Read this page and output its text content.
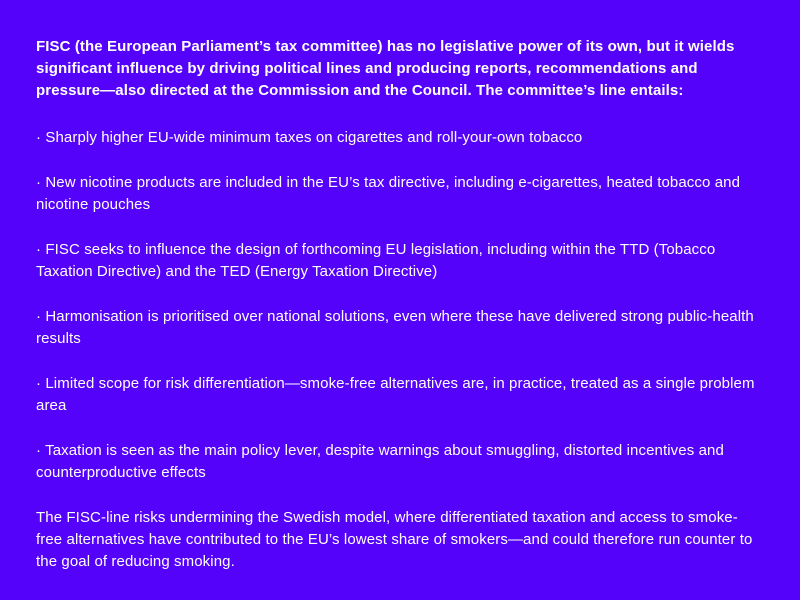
FISC (the European Parliament’s tax committee) has no legislative power of its own, but it wields significant influence by driving political lines and producing reports, recommendations and pressure—also directed at the Commission and the Council. The committee’s line entails:

· Sharply higher EU-wide minimum taxes on cigarettes and roll-your-own tobacco

· New nicotine products are included in the EU’s tax directive, including e-cigarettes, heated tobacco and nicotine pouches

· FISC seeks to influence the design of forthcoming EU legislation, including within the TTD (Tobacco Taxation Directive) and the TED (Energy Taxation Directive)

· Harmonisation is prioritised over national solutions, even where these have delivered strong public-health results

· Limited scope for risk differentiation—smoke-free alternatives are, in practice, treated as a single problem area

· Taxation is seen as the main policy lever, despite warnings about smuggling, distorted incentives and counterproductive effects

The FISC-line risks undermining the Swedish model, where differentiated taxation and access to smoke-free alternatives have contributed to the EU’s lowest share of smokers—and could therefore run counter to the goal of reducing smoking.
